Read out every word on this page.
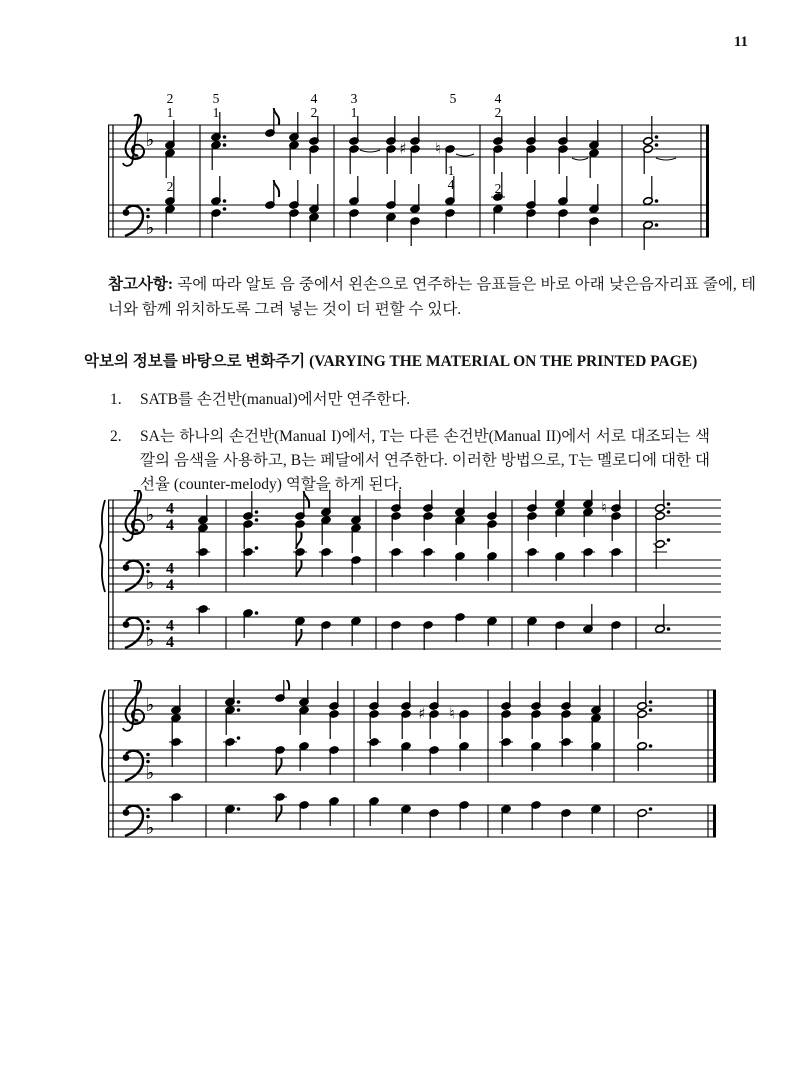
11
♭	♯ ♮
♭
2
1
5
1
4
2
3
1
5	4
2
2
1
4	2
참고사항: 곡에 따라 알토 음 중에서 왼손으로 연주하는 음표들은 바로 아래 낮은음자리표 줄에, 테너와 함께 위치하도록 그려 넣는 것이 더 편할 수 있다.
악보의 정보를 바탕으로 변화주기 (VARYING THE MATERIAL ON THE PRINTED PAGE)
1.	SATB를 손건반(manual)에서만 연주한다.
2.	SA는 하나의 손건반(Manual I)에서, T는 다른 손건반(Manual II)에서 서로 대조되는 색깔의 음색을 사용하고, B는 페달에서 연주한다. 이러한 방법으로, T는 멜로디에 대한 대선율 (counter-melody) 역할을 하게 된다.
♭ 4
4
♮
♭
4
4
♭
4
4
♭	♯ ♮
♭
♭
